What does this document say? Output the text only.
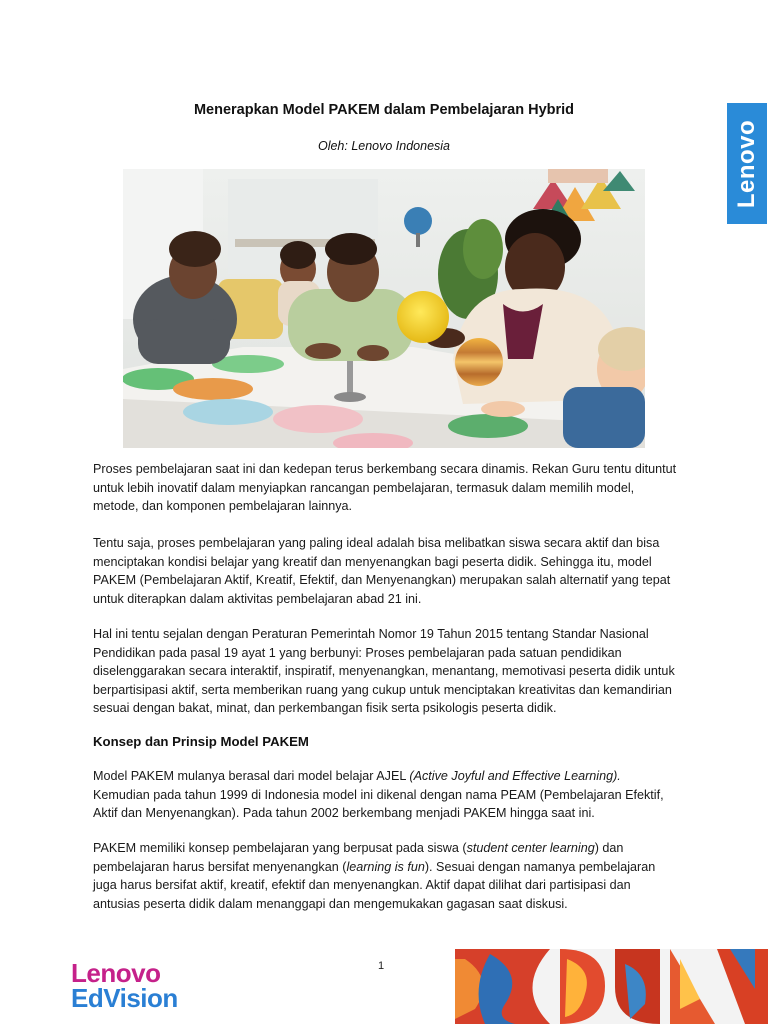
Menerapkan Model PAKEM dalam Pembelajaran Hybrid
Oleh: Lenovo Indonesia	Lenovo
Proses pembelajaran saat ini dan kedepan terus berkembang secara dinamis. Rekan Guru tentu dituntut untuk lebih inovatif dalam menyiapkan rancangan pembelajaran, termasuk dalam memilih model, metode, dan komponen pembelajaran lainnya.
Tentu saja, proses pembelajaran yang paling ideal adalah bisa melibatkan siswa secara aktif dan bisa menciptakan kondisi belajar yang kreatif dan menyenangkan bagi peserta didik. Sehingga itu, model PAKEM (Pembelajaran Aktif, Kreatif, Efektif, dan Menyenangkan) merupakan salah alternatif yang tepat untuk diterapkan dalam aktivitas pembelajaran abad 21 ini.
Hal ini tentu sejalan dengan Peraturan Pemerintah Nomor 19 Tahun 2015 tentang Standar Nasional Pendidikan pada pasal 19 ayat 1 yang berbunyi: Proses pembelajaran pada satuan pendidikan diselenggarakan secara interaktif, inspiratif, menyenangkan, menantang, memotivasi peserta didik untuk berpartisipasi aktif, serta memberikan ruang yang cukup untuk menciptakan kreativitas dan kemandirian sesuai dengan bakat, minat, dan perkembangan fisik serta psikologis peserta didik.
Konsep dan Prinsip Model PAKEM
Model PAKEM mulanya berasal dari model belajar AJEL (Active Joyful and Effective Learning). Kemudian pada tahun 1999 di Indonesia model ini dikenal dengan nama PEAM (Pembelajaran Efektif, Aktif dan Menyenangkan). Pada tahun 2002 berkembang menjadi PAKEM hingga saat ini.
PAKEM memiliki konsep pembelajaran yang berpusat pada siswa (student center learning) dan pembelajaran harus bersifat menyenangkan (learning is fun). Sesuai dengan namanya pembelajaran juga harus bersifat aktif, kreatif, efektif dan menyenangkan. Aktif dapat dilihat dari partisipasi dan antusias peserta didik dalam menanggapi dan mengemukakan gagasan saat diskusi.
1
Lenovo
EdVision
